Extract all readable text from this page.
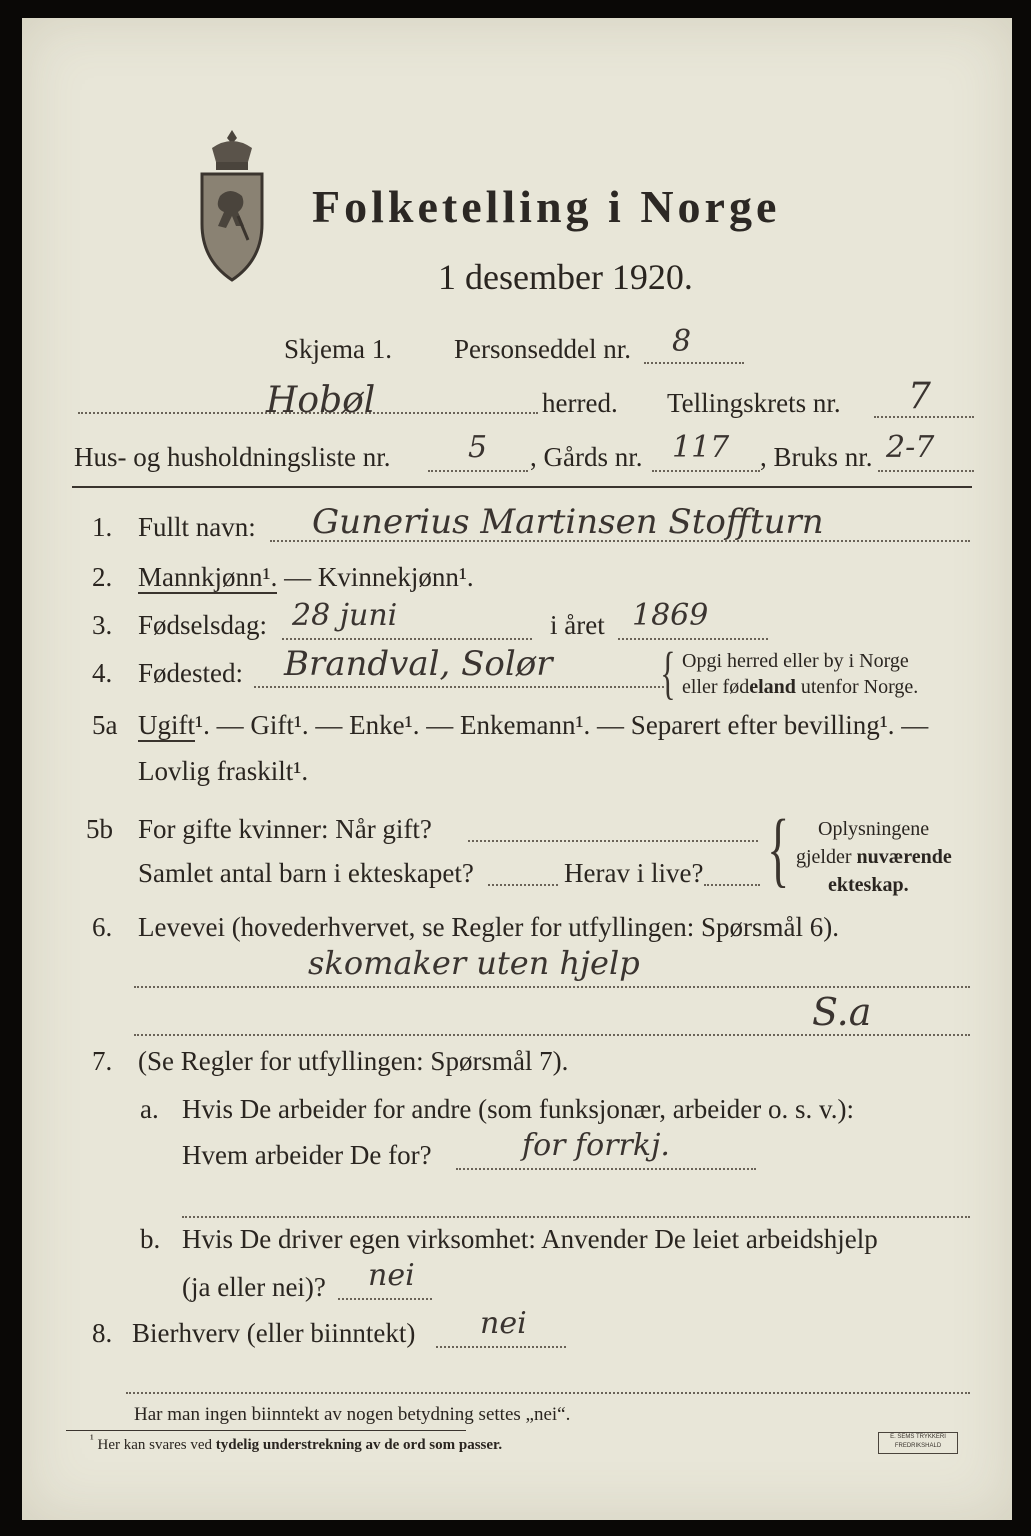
Folketelling i Norge
1 desember 1920.
Skjema 1. Personseddel nr. 8
Hobøl	herred. Tellingskrets nr. 7
Hus- og husholdningsliste nr.	5 , Gårds nr. 117 , Bruks nr. 2-7
1. Fullt navn: Gunerius Martinsen Stoffturn
2. Mannkjønn¹. — Kvinnekjønn¹.
3. Fødselsdag: 28 juni	i året 1869
4. Fødested: Brandval, Solør { Opgi herred eller by i Norge
eller fødeland utenfor Norge.
5a Ugift¹. — Gift¹. — Enke¹. — Enkemann¹. — Separert efter bevilling¹. —
Lovlig fraskilt¹.
5b For gifte kvinner: Når gift?
Samlet antal barn i ekteskapet?	Herav i live? { Oplysningene
gjelder nuværende
ekteskap.
6. Levevei (hovederhvervet, se Regler for utfyllingen: Spørsmål 6).
skomaker uten hjelp
S.a
7. (Se Regler for utfyllingen: Spørsmål 7).
a. Hvis De arbeider for andre (som funksjonær, arbeider o. s. v.):
Hvem arbeider De for?	for forrkj.
b. Hvis De driver egen virksomhet: Anvender De leiet arbeidshjelp
(ja eller nei)? nei
8. Bierhverv (eller biinntekt) nei
Har man ingen biinntekt av nogen betydning settes „nei“.
$^{^1}$ Her kan svares ved tydelig understrekning av de ord som passer.	E. SEMS TRYKKERI
FREDRIKSHALD
